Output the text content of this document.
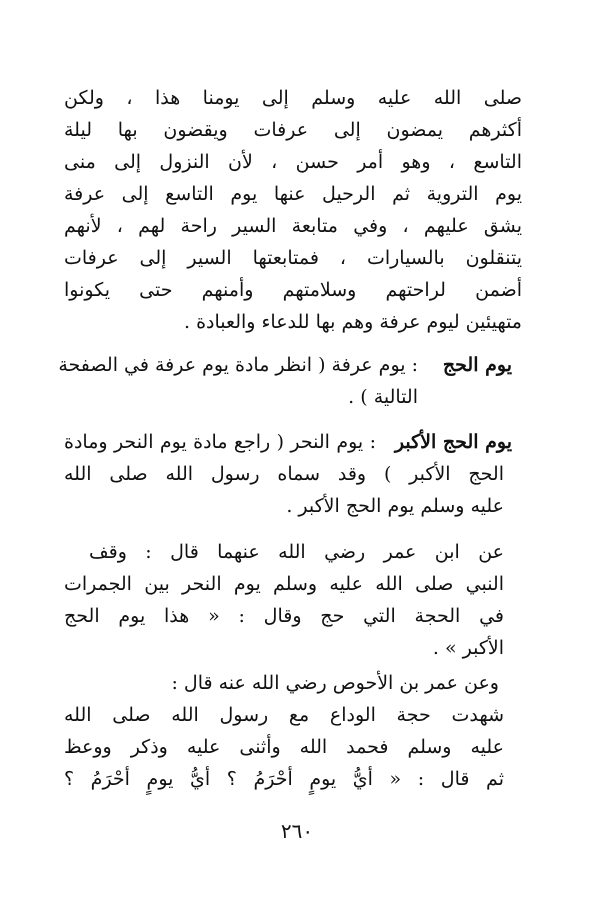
صلى الله عليه وسلم إلى يومنا هذا ، ولكن
أكثرهم يمضون إلى عرفات ويقضون بها ليلة
التاسع ، وهو أمر حسن ، لأن النزول إلى منى
يوم التروية ثم الرحيل عنها يوم التاسع إلى عرفة
يشق عليهم ، وفي متابعة السير راحة لهم ، لأنهم
يتنقلون بالسيارات ، فمتابعتها السير إلى عرفات
أضمن لراحتهم وسلامتهم وأمنهم حتى يكونوا
متهيئين ليوم عرفة وهم بها للدعاء والعبادة .
يوم الحج
: يوم عرفة ( انظر مادة يوم عرفة في الصفحة
التالية ) .
يوم الحج الأكبر
: يوم النحر ( راجع مادة يوم النحر ومادة
الحج الأكبر ) وقد سماه رسول الله صلى الله
عليه وسلم يوم الحج الأكبر .
عن ابن عمر رضي الله عنهما قال : وقف
النبي صلى الله عليه وسلم يوم النحر بين الجمرات
في الحجة التي حج وقال : « هذا يوم الحج
الأكبر » .
وعن عمر بن الأحوص رضي الله عنه قال :
شهدت حجة الوداع مع رسول الله صلى الله
عليه وسلم فحمد الله وأثنى عليه وذكر ووعظ
ثم قال : « أيُّ يومٍ أحْرَمُ ؟ أيُّ يومٍ أحْرَمُ ؟
٢٦٠
